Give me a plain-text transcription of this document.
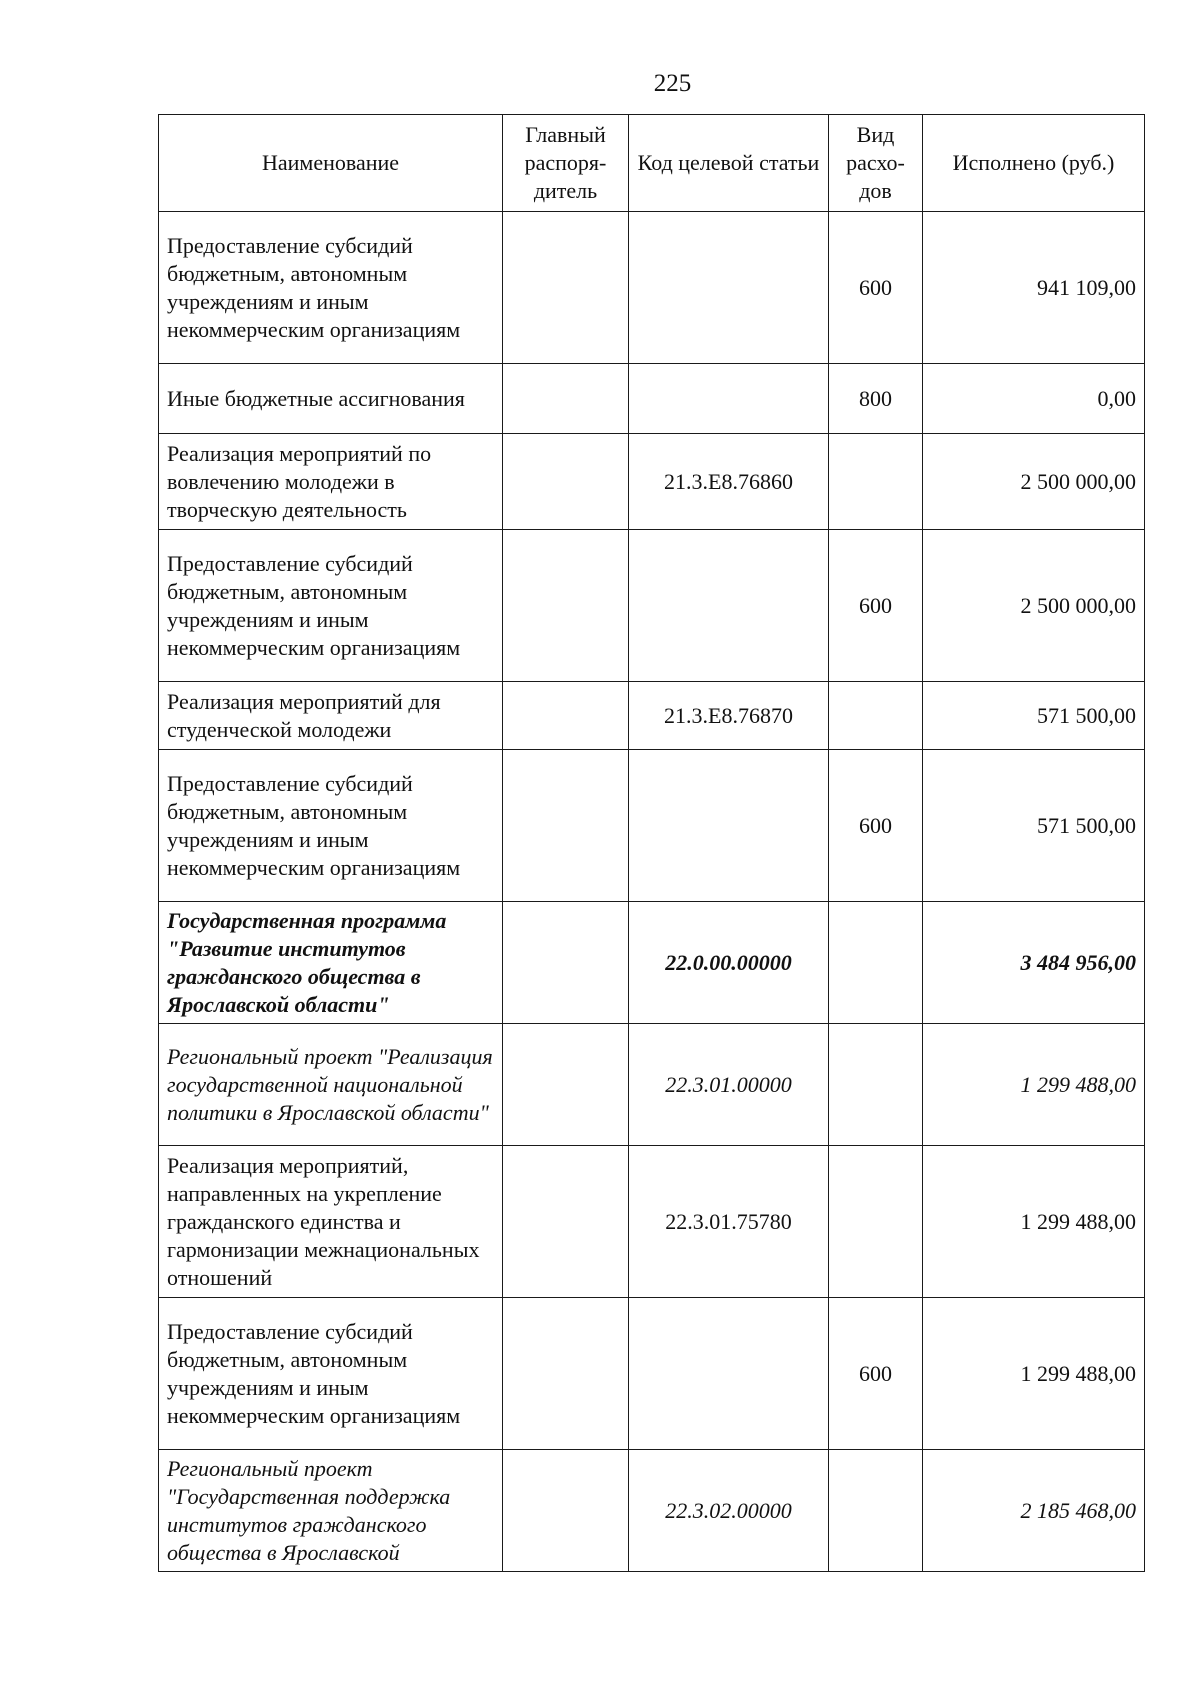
225
Наименование	Главный распоря-дитель	Код целевой статьи	Вид расхо-дов	Исполнено (руб.)
Предоставление субсидий бюджетным, автономным учреждениям и иным некоммерческим организациям			600	941 109,00
Иные бюджетные ассигнования			800	0,00
Реализация мероприятий по вовлечению молодежи в творческую деятельность		21.3.Е8.76860		2 500 000,00
Предоставление субсидий бюджетным, автономным учреждениям и иным некоммерческим организациям			600	2 500 000,00
Реализация мероприятий для студенческой молодежи		21.3.Е8.76870		571 500,00
Предоставление субсидий бюджетным, автономным учреждениям и иным некоммерческим организациям			600	571 500,00
Государственная программа "Развитие институтов гражданского общества в Ярославской области"		22.0.00.00000		3 484 956,00
Региональный проект "Реализация государственной национальной политики в Ярославской области"		22.3.01.00000		1 299 488,00
Реализация мероприятий, направленных на укрепление гражданского единства и гармонизации межнациональных отношений		22.3.01.75780		1 299 488,00
Предоставление субсидий бюджетным, автономным учреждениям и иным некоммерческим организациям			600	1 299 488,00
Региональный проект "Государственная поддержка институтов гражданского общества в Ярославской		22.3.02.00000		2 185 468,00
